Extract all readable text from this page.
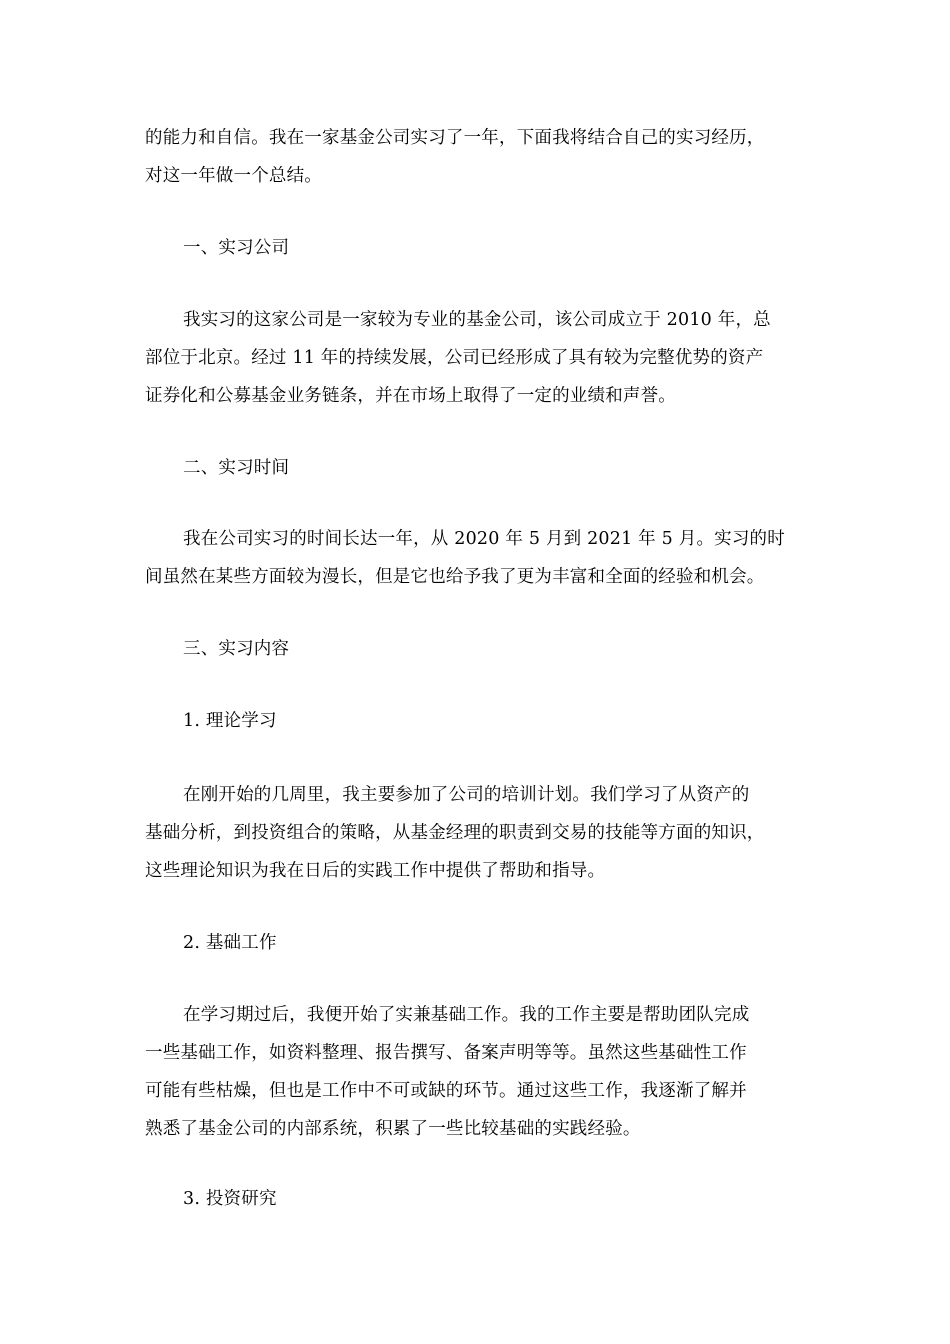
的能力和自信。我在一家基金公司实习了一年，下面我将结合自己的实习经历，
对这一年做一个总结。
一、实习公司
我实习的这家公司是一家较为专业的基金公司，该公司成立于 2010 年，总
部位于北京。经过 11 年的持续发展，公司已经形成了具有较为完整优势的资产
证券化和公募基金业务链条，并在市场上取得了一定的业绩和声誉。
二、实习时间
我在公司实习的时间长达一年，从 2020 年 5 月到 2021 年 5 月。实习的时
间虽然在某些方面较为漫长，但是它也给予我了更为丰富和全面的经验和机会。
三、实习内容
1. 理论学习
在刚开始的几周里，我主要参加了公司的培训计划。我们学习了从资产的
基础分析，到投资组合的策略，从基金经理的职责到交易的技能等方面的知识，
这些理论知识为我在日后的实践工作中提供了帮助和指导。
2. 基础工作
在学习期过后，我便开始了实兼基础工作。我的工作主要是帮助团队完成
一些基础工作，如资料整理、报告撰写、备案声明等等。虽然这些基础性工作
可能有些枯燥，但也是工作中不可或缺的环节。通过这些工作，我逐渐了解并
熟悉了基金公司的内部系统，积累了一些比较基础的实践经验。
3. 投资研究
